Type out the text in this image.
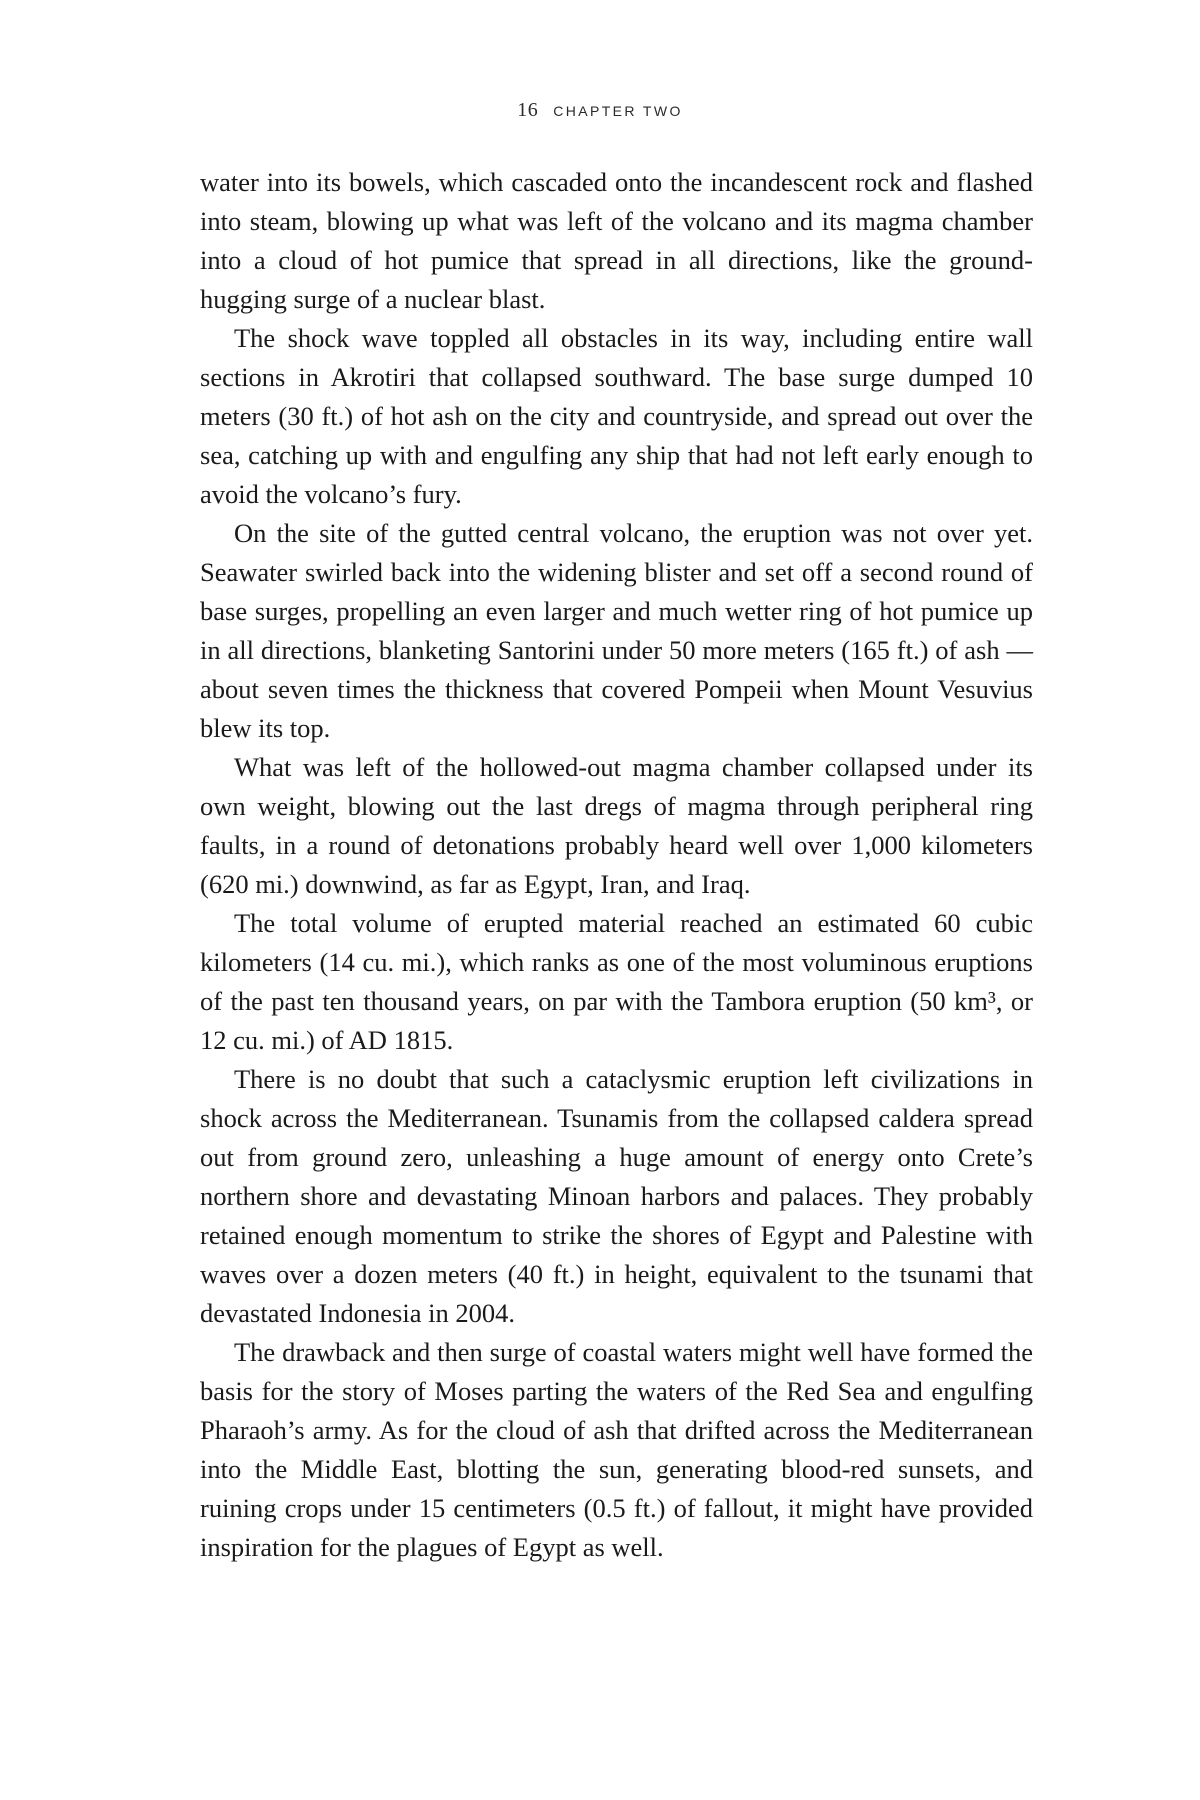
16 CHAPTER TWO

water into its bowels, which cascaded onto the incandescent rock and flashed into steam, blowing up what was left of the volcano and its magma chamber into a cloud of hot pumice that spread in all directions, like the ground-hugging surge of a nuclear blast.

The shock wave toppled all obstacles in its way, including entire wall sections in Akrotiri that collapsed southward. The base surge dumped 10 meters (30 ft.) of hot ash on the city and countryside, and spread out over the sea, catching up with and engulfing any ship that had not left early enough to avoid the volcano’s fury.

On the site of the gutted central volcano, the eruption was not over yet. Seawater swirled back into the widening blister and set off a second round of base surges, propelling an even larger and much wetter ring of hot pumice up in all directions, blanketing Santorini under 50 more meters (165 ft.) of ash — about seven times the thickness that covered Pompeii when Mount Vesuvius blew its top.

What was left of the hollowed-out magma chamber collapsed under its own weight, blowing out the last dregs of magma through peripheral ring faults, in a round of detonations probably heard well over 1,000 kilometers (620 mi.) downwind, as far as Egypt, Iran, and Iraq.

The total volume of erupted material reached an estimated 60 cubic kilometers (14 cu. mi.), which ranks as one of the most voluminous eruptions of the past ten thousand years, on par with the Tambora eruption (50 km³, or 12 cu. mi.) of AD 1815.

There is no doubt that such a cataclysmic eruption left civilizations in shock across the Mediterranean. Tsunamis from the collapsed caldera spread out from ground zero, unleashing a huge amount of energy onto Crete’s northern shore and devastating Minoan harbors and palaces. They probably retained enough momentum to strike the shores of Egypt and Palestine with waves over a dozen meters (40 ft.) in height, equivalent to the tsunami that devastated Indonesia in 2004.

The drawback and then surge of coastal waters might well have formed the basis for the story of Moses parting the waters of the Red Sea and engulfing Pharaoh’s army. As for the cloud of ash that drifted across the Mediterranean into the Middle East, blotting the sun, generating blood-red sunsets, and ruining crops under 15 centimeters (0.5 ft.) of fallout, it might have provided inspiration for the plagues of Egypt as well.
